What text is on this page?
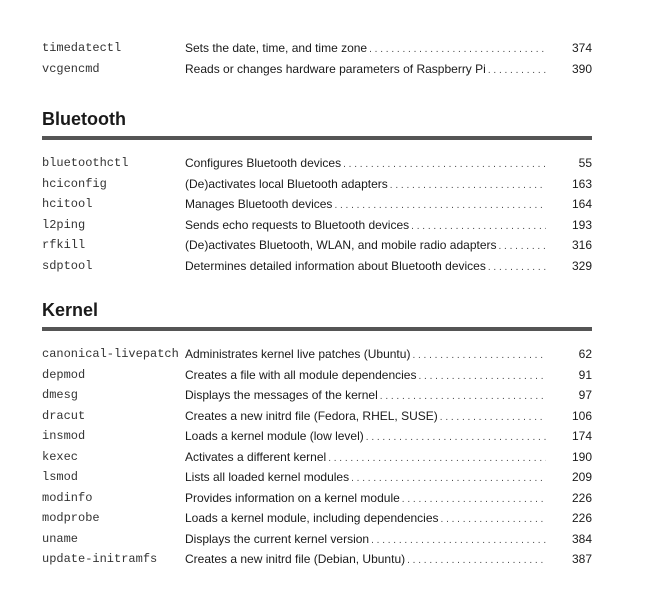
timedatectl	Sets the date, time, and time zone . . .	374
vcgencmd	Reads or changes hardware parameters of Raspberry Pi . . .	390
Bluetooth
bluetoothctl	Configures Bluetooth devices . . .	55
hciconfig	(De)activates local Bluetooth adapters . . .	163
hcitool	Manages Bluetooth devices . . .	164
l2ping	Sends echo requests to Bluetooth devices . . .	193
rfkill	(De)activates Bluetooth, WLAN, and mobile radio adapters . . .	316
sdptool	Determines detailed information about Bluetooth devices . . .	329
Kernel
canonical-livepatch Administrates kernel live patches (Ubuntu) . . .	62
depmod	Creates a file with all module dependencies . . .	91
dmesg	Displays the messages of the kernel . . .	97
dracut	Creates a new initrd file (Fedora, RHEL, SUSE) . . .	106
insmod	Loads a kernel module (low level) . . .	174
kexec	Activates a different kernel . . .	190
lsmod	Lists all loaded kernel modules . . .	209
modinfo	Provides information on a kernel module . . .	226
modprobe	Loads a kernel module, including dependencies . . .	226
uname	Displays the current kernel version . . .	384
update-initramfs Creates a new initrd file (Debian, Ubuntu) . . .	387
